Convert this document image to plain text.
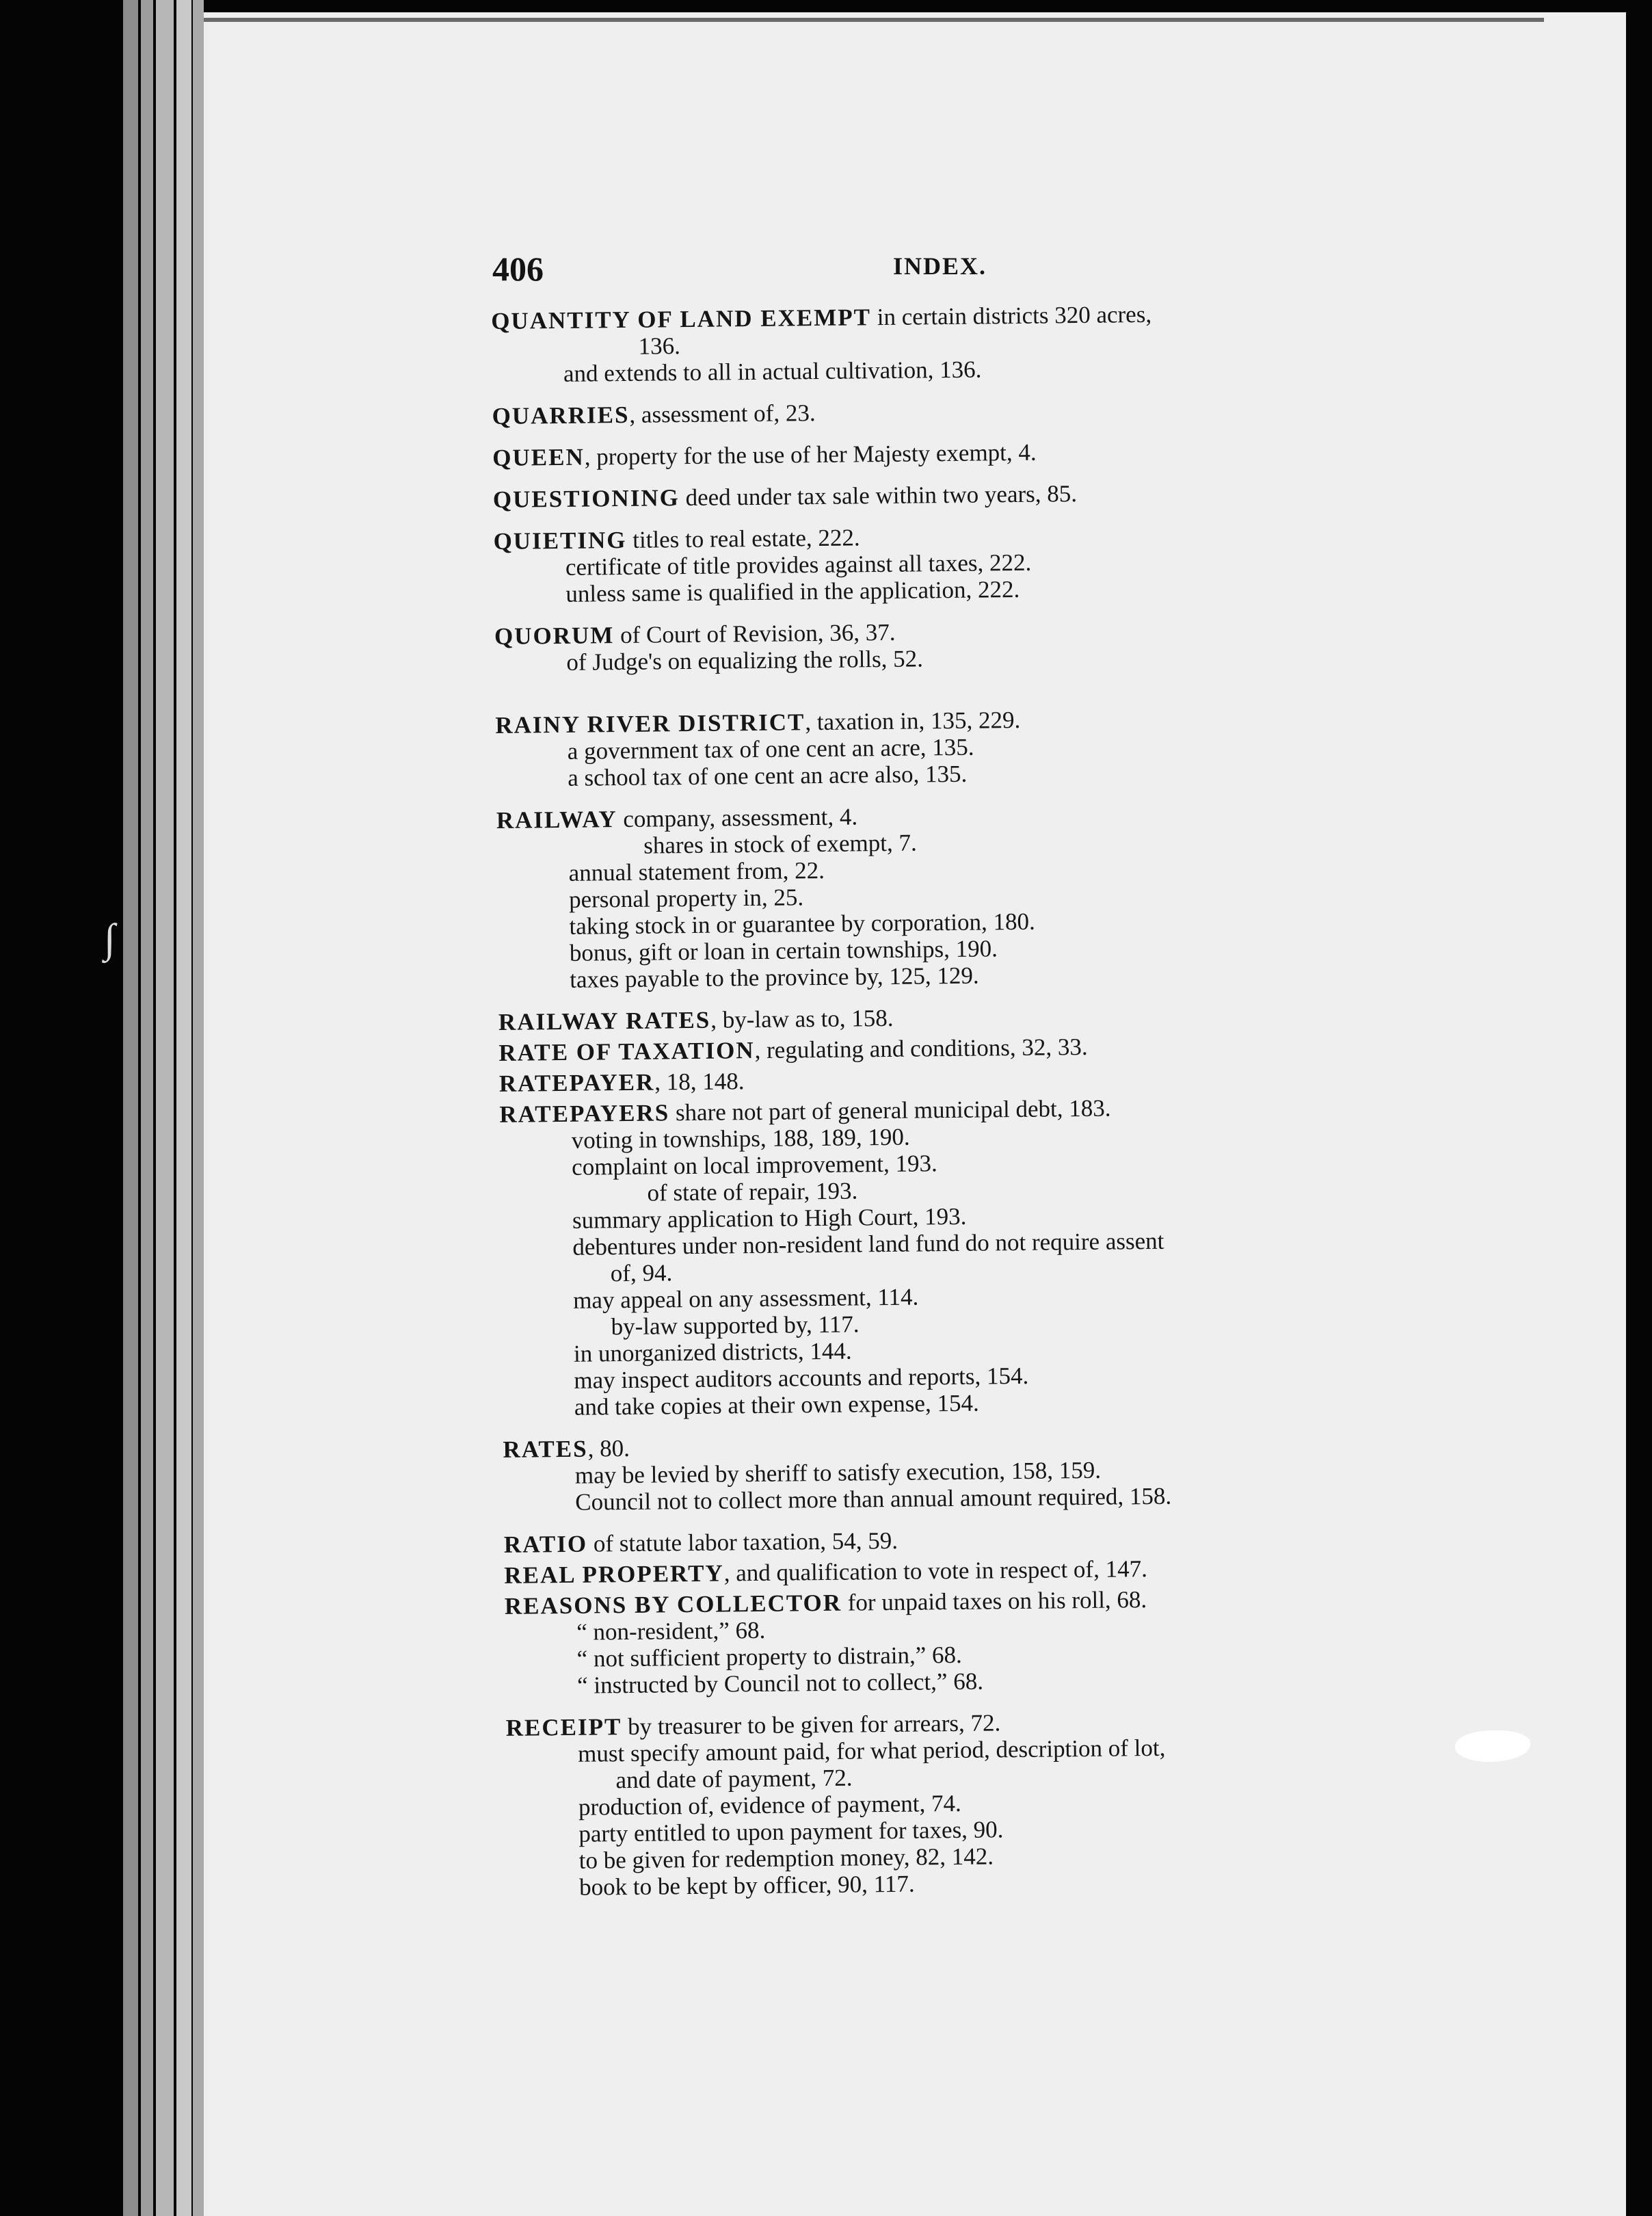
∫
406	INDEX.
QUANTITY OF LAND EXEMPT in certain districts 320 acres,
136.
and extends to all in actual cultivation, 136.
QUARRIES, assessment of, 23.
QUEEN, property for the use of her Majesty exempt, 4.
QUESTIONING deed under tax sale within two years, 85.
QUIETING titles to real estate, 222.
certificate of title provides against all taxes, 222.
unless same is qualified in the application, 222.
QUORUM of Court of Revision, 36, 37.
of Judge's on equalizing the rolls, 52.
RAINY RIVER DISTRICT, taxation in, 135, 229.
a government tax of one cent an acre, 135.
a school tax of one cent an acre also, 135.
RAILWAY company, assessment, 4.
shares in stock of exempt, 7.
annual statement from, 22.
personal property in, 25.
taking stock in or guarantee by corporation, 180.
bonus, gift or loan in certain townships, 190.
taxes payable to the province by, 125, 129.
RAILWAY RATES, by-law as to, 158.
RATE OF TAXATION, regulating and conditions, 32, 33.
RATEPAYER, 18, 148.
RATEPAYERS share not part of general municipal debt, 183.
voting in townships, 188, 189, 190.
complaint on local improvement, 193.
of state of repair, 193.
summary application to High Court, 193.
debentures under non-resident land fund do not require assent
of, 94.
may appeal on any assessment, 114.
by-law supported by, 117.
in unorganized districts, 144.
may inspect auditors accounts and reports, 154.
and take copies at their own expense, 154.
RATES, 80.
may be levied by sheriff to satisfy execution, 158, 159.
Council not to collect more than annual amount required, 158.
RATIO of statute labor taxation, 54, 59.
REAL PROPERTY, and qualification to vote in respect of, 147.
REASONS BY COLLECTOR for unpaid taxes on his roll, 68.
“ non-resident,” 68.
“ not sufficient property to distrain,” 68.
“ instructed by Council not to collect,” 68.
RECEIPT by treasurer to be given for arrears, 72.
must specify amount paid, for what period, description of lot,
and date of payment, 72.
production of, evidence of payment, 74.
party entitled to upon payment for taxes, 90.
to be given for redemption money, 82, 142.
book to be kept by officer, 90, 117.
